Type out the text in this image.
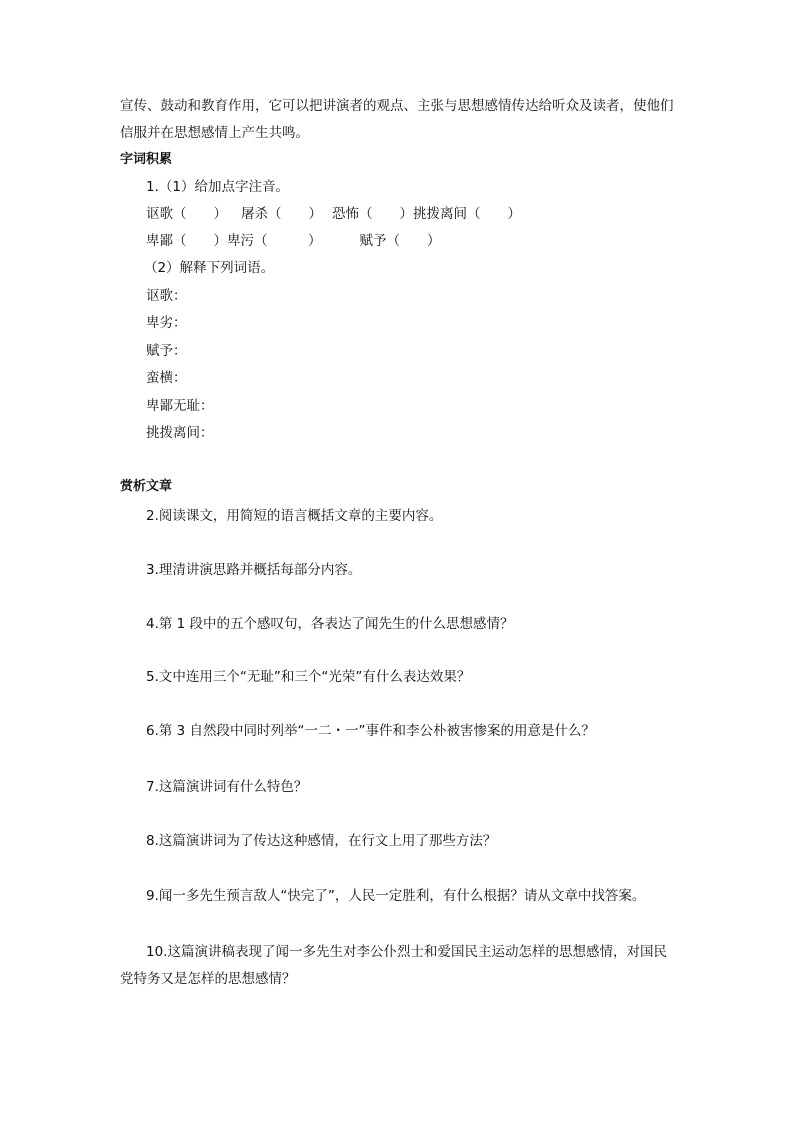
宣传、鼓动和教育作用，它可以把讲演者的观点、主张与思想感情传达给听众及读者，使他们信服并在思想感情上产生共鸣。
字词积累
1.（1）给加点字注音。
讴歌（　　） 屠杀（　　） 恐怖（　　）挑拨离间（　　）
卑鄙（　　）卑污（　　　）	赋予（　　）
（2）解释下列词语。
讴歌：
卑劣：
赋予：
蛮横：
卑鄙无耻：
挑拨离间：
赏析文章
2.阅读课文，用简短的语言概括文章的主要内容。
3.理清讲演思路并概括每部分内容。
4.第 1 段中的五个感叹句，各表达了闻先生的什么思想感情？
5.文中连用三个“无耻”和三个“光荣”有什么表达效果？
6.第 3 自然段中同时列举“一二・一”事件和李公朴被害惨案的用意是什么？
7.这篇演讲词有什么特色？
8.这篇演讲词为了传达这种感情，在行文上用了那些方法？
9.闻一多先生预言敌人“快完了”，人民一定胜利，有什么根据？请从文章中找答案。
10.这篇演讲稿表现了闻一多先生对李公仆烈士和爱国民主运动怎样的思想感情，对国民党特务又是怎样的思想感情？
